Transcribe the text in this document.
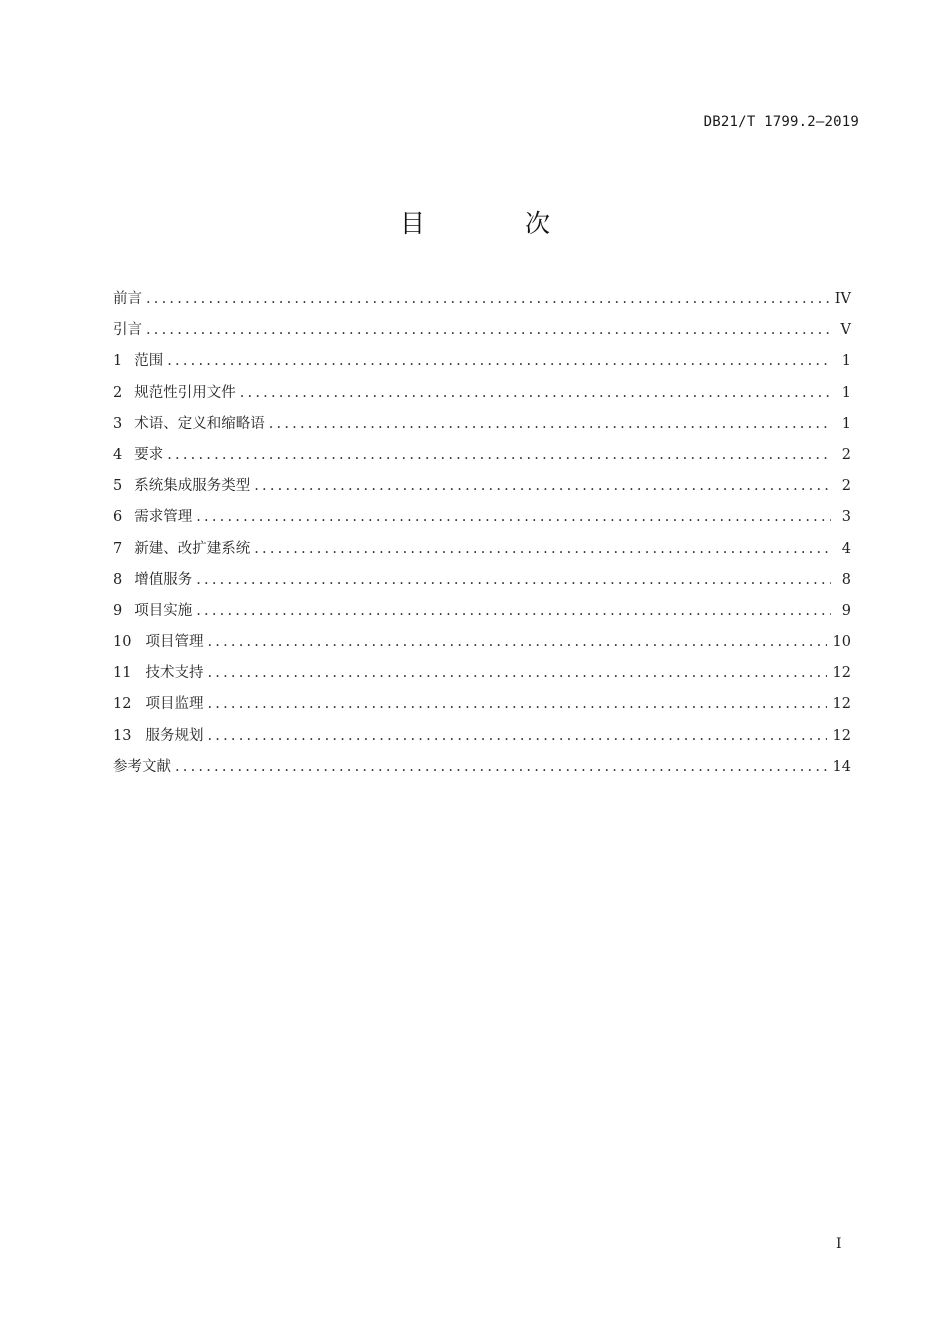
DB21/T 1799.2—2019
目 次
前言 .....	IV
引言 .....	V
1 范围 .....	1
2 规范性引用文件 .....	1
3 术语、定义和缩略语 .....	1
4 要求 .....	2
5 系统集成服务类型 .....	2
6 需求管理 .....	3
7 新建、改扩建系统 .....	4
8 增值服务 .....	8
9 项目实施 .....	9
10 项目管理 .....	10
11 技术支持 .....	12
12 项目监理 .....	12
13 服务规划 .....	12
参考文献 .....	14
I
